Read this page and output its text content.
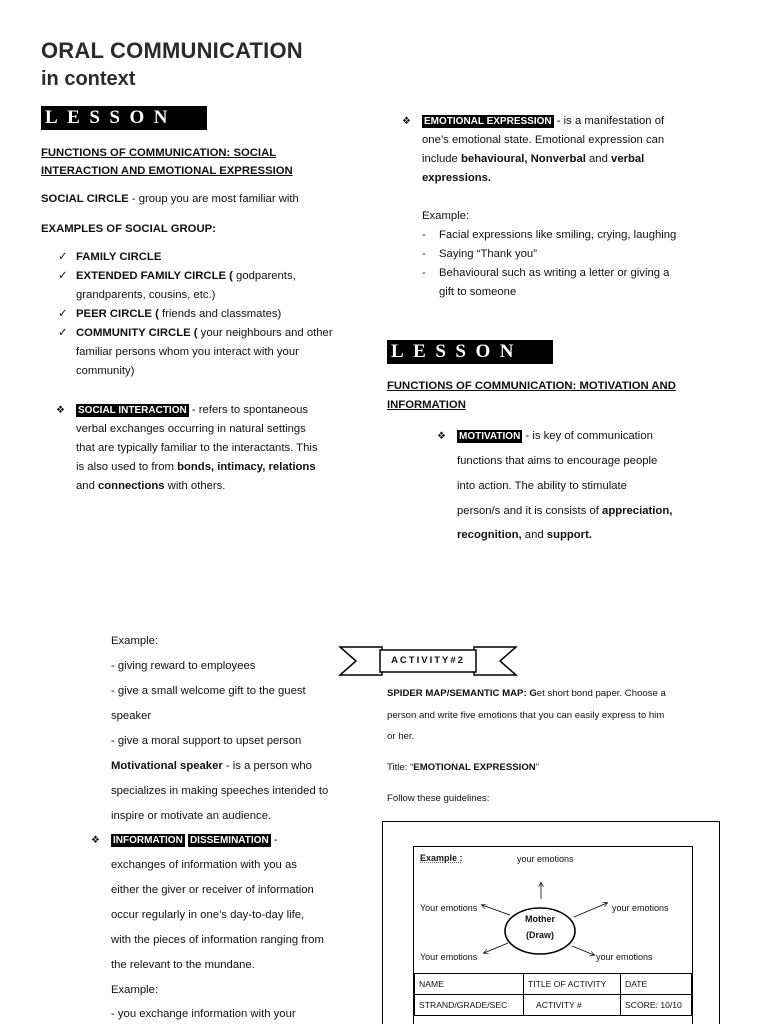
ORAL COMMUNICATION
in context
LESSON 3
FUNCTIONS OF COMMUNICATION: SOCIAL
INTERACTION AND EMOTIONAL EXPRESSION
SOCIAL CIRCLE - group you are most familiar with
EXAMPLES OF SOCIAL GROUP:
✓ FAMILY CIRCLE
✓ EXTENDED FAMILY CIRCLE ( godparents,
grandparents, cousins, etc.)
✓ PEER CIRCLE ( friends and classmates)
✓ COMMUNITY CIRCLE ( your neighbours and other
familiar persons whom you interact with your
community)
❖ SOCIAL INTERACTION - refers to spontaneous
verbal exchanges occurring in natural settings
that are typically familiar to the interactants. This
is also used to from bonds, intimacy, relations
and connections with others.
❖ EMOTIONAL EXPRESSION - is a manifestation of
one’s emotional state. Emotional expression can
include behavioural, Nonverbal and verbal
expressions.
Example:
- Facial expressions like smiling, crying, laughing
- Saying “Thank you”
- Behavioural such as writing a letter or giving a
gift to someone
LESSON 4
FUNCTIONS OF COMMUNICATION: MOTIVATION AND
INFORMATION
❖ MOTIVATION - is key of communication
functions that aims to encourage people
into action. The ability to stimulate
person/s and it is consists of appreciation,
recognition, and support.
Example:
- giving reward to employees
- give a small welcome gift to the guest
speaker
- give a moral support to upset person
Motivational speaker - is a person who
specializes in making speeches intended to
inspire or motivate an audience.
❖ INFORMATION DISSEMINATION -
exchanges of information with you as
either the giver or receiver of information
occur regularly in one’s day-to-day life,
with the pieces of information ranging from
the relevant to the mundane.
Example:
- you exchange information with your
ACTIVITY#2
SPIDER MAP/SEMANTIC MAP: Get short bond paper. Choose a
person and write five emotions that you can easily express to him
or her.
Title: “EMOTIONAL EXPRESSION”
Follow these guidelines:
Example :	your emotions
Your emotions	your emotions
Your emotions	your emotions
Mother
(Draw)
NAME	TITLE OF ACTIVITY	DATE
STRAND/GRADE/SEC	ACTIVITY #	SCORE: 10/10
